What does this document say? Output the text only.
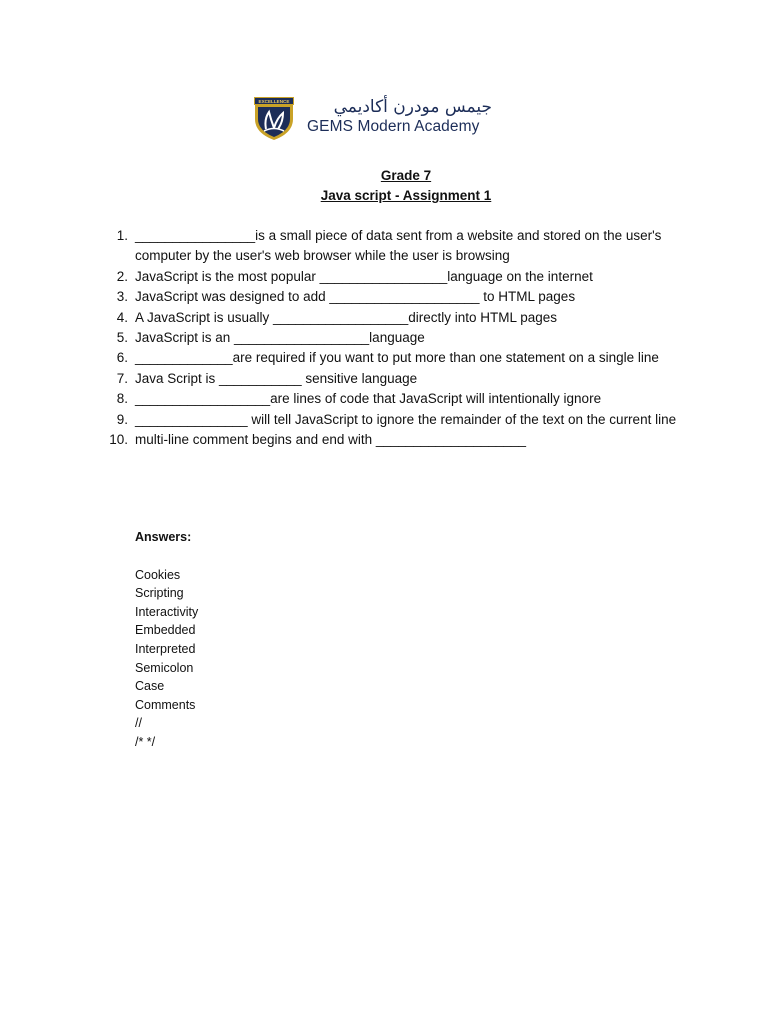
EXCELLENCE	جيمس مودرن أكاديمي
GEMS Modern Academy
Grade 7
Java script - Assignment 1
1. ________________is a small piece of data sent from a website and stored on the user's computer by the user's web browser while the user is browsing
2. JavaScript is the most popular _________________language on the internet
3. JavaScript was designed to add ____________________ to HTML pages
4. A JavaScript is usually __________________directly into HTML pages
5. JavaScript is an __________________language
6. _____________are required if you want to put more than one statement on a single line
7. Java Script is ___________ sensitive language
8. __________________are lines of code that JavaScript will intentionally ignore
9. _______________ will tell JavaScript to ignore the remainder of the text on the current line
10. multi-line comment begins and end with ____________________
Answers:
Cookies
Scripting
Interactivity
Embedded
Interpreted
Semicolon
Case
Comments
//
/* */
